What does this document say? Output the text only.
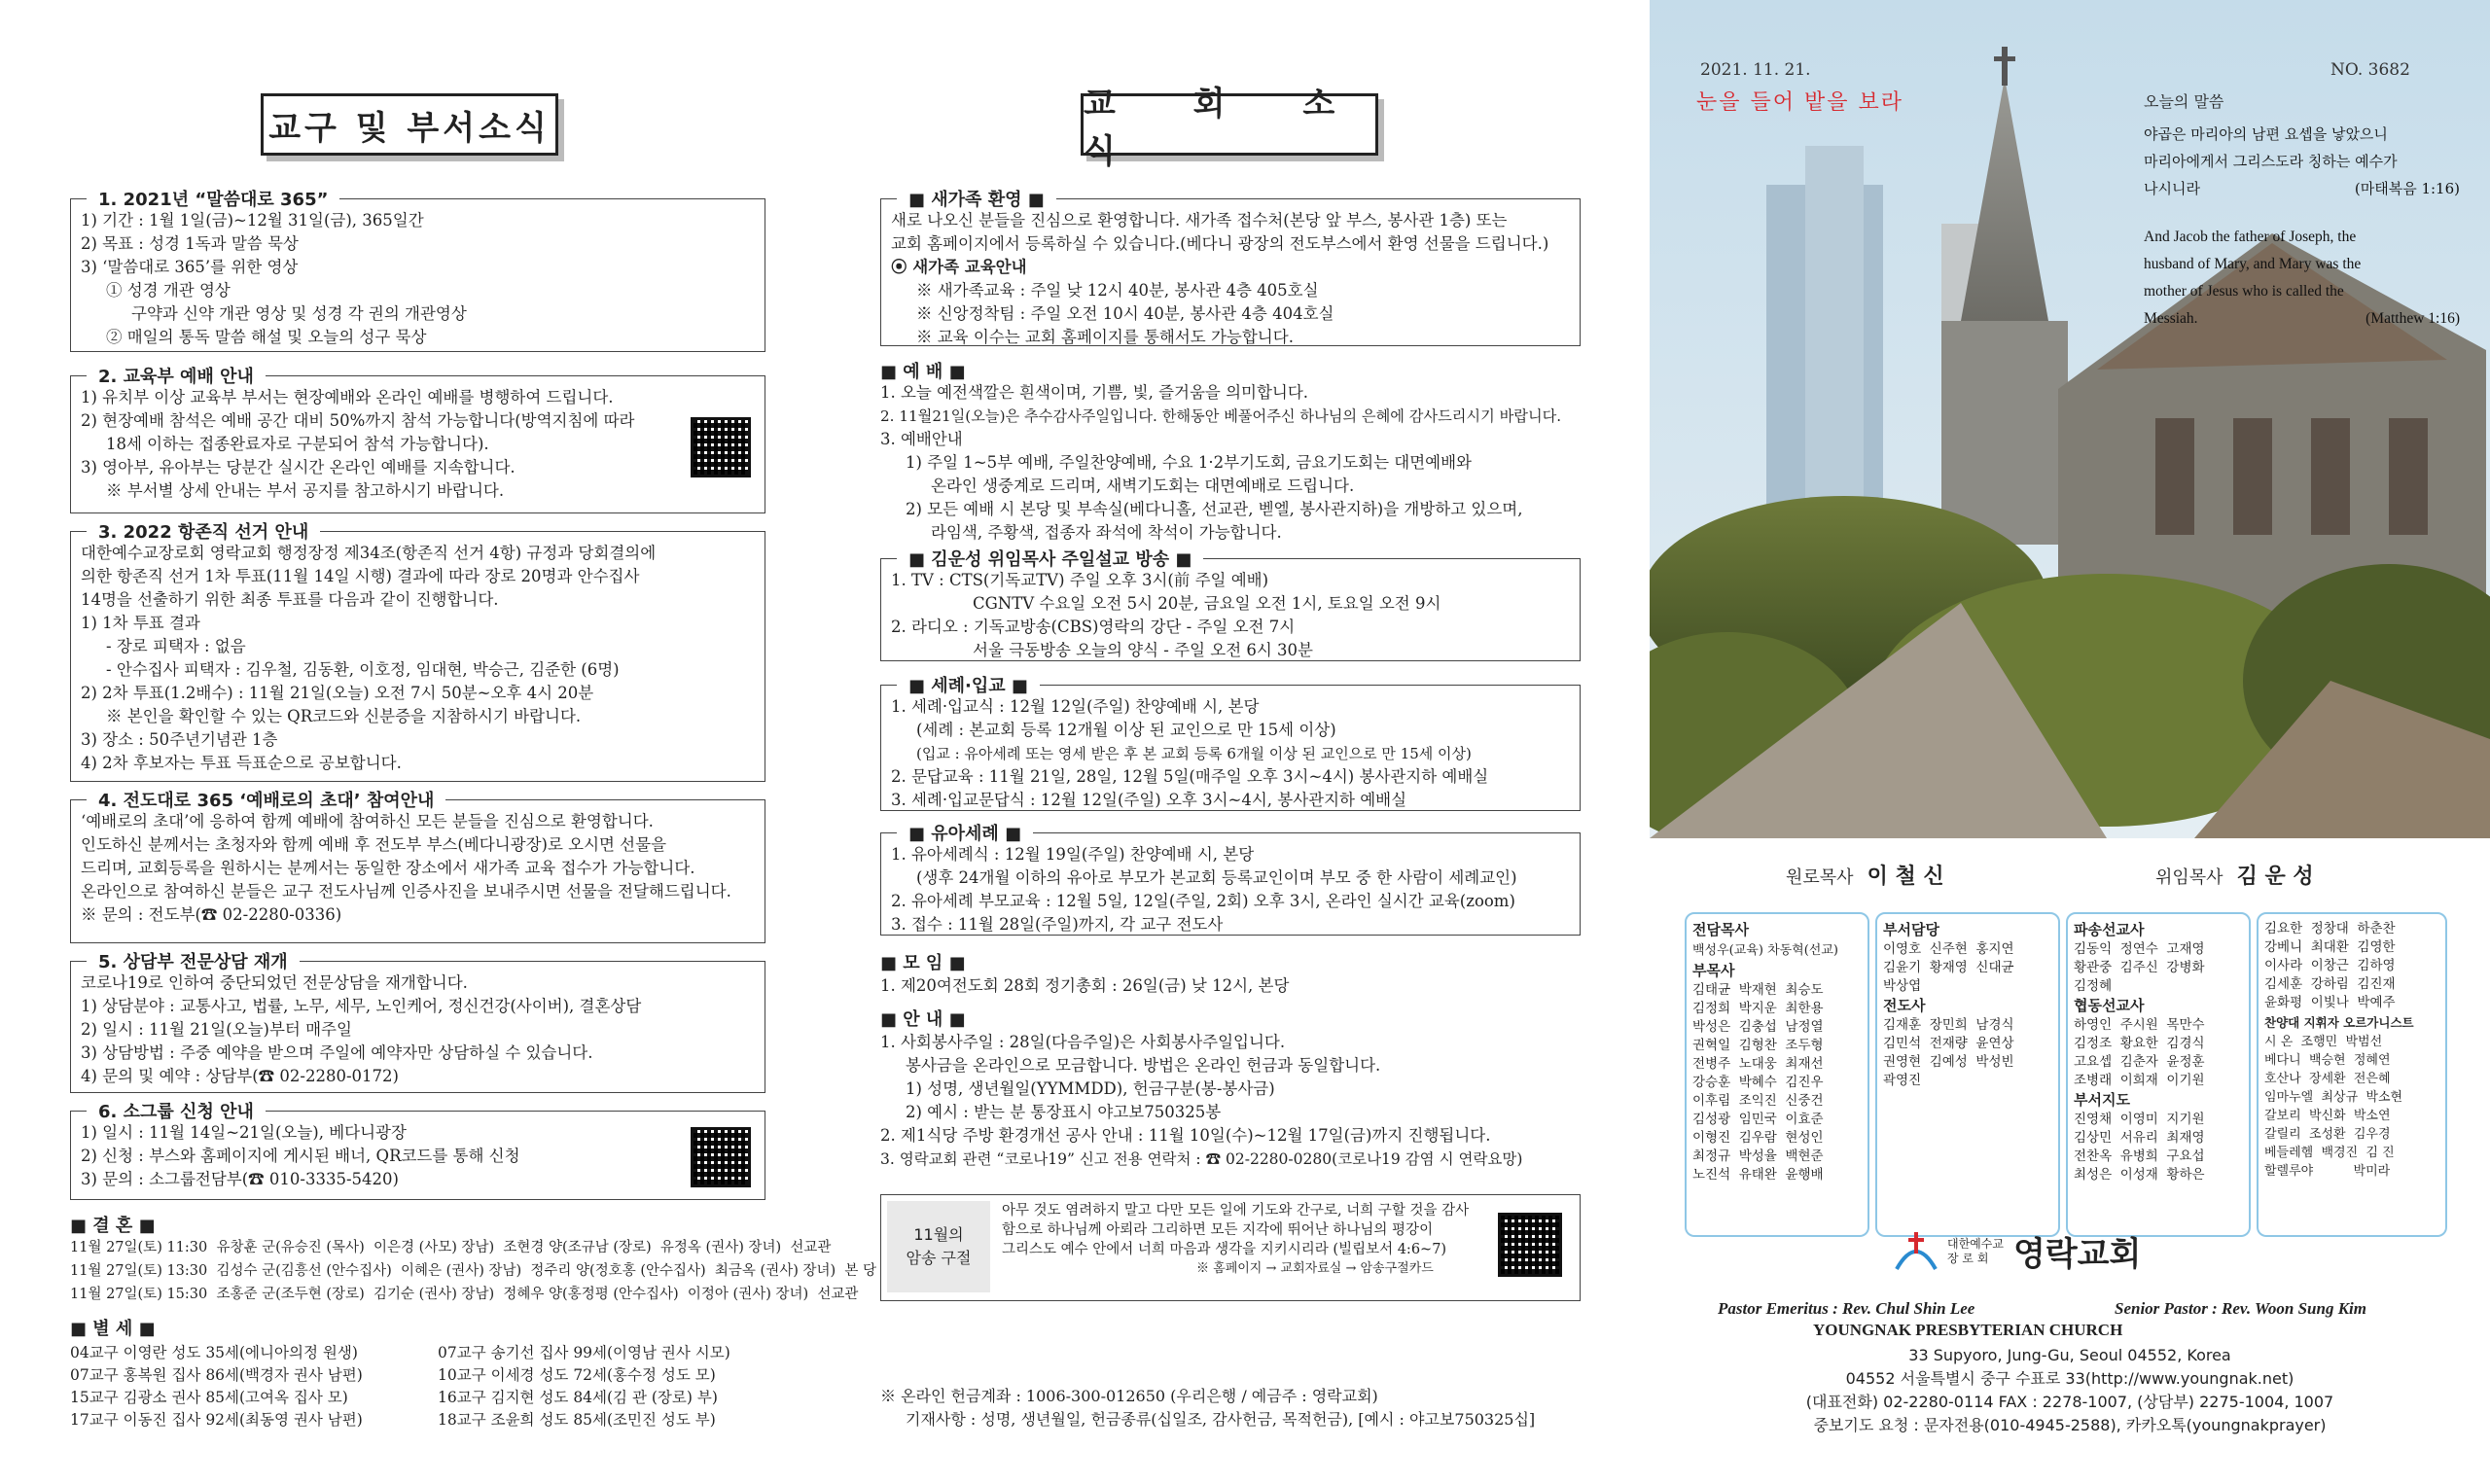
교구 및 부서소식
1. 2021년 “말씀대로 365”
1) 기간 : 1월 1일(금)~12월 31일(금), 365일간
2) 목표 : 성경 1독과 말씀 묵상
3) ‘말씀대로 365’를 위한 영상
① 성경 개관 영상
구약과 신약 개관 영상 및 성경 각 권의 개관영상
② 매일의 통독 말씀 해설 및 오늘의 성구 묵상
2. 교육부 예배 안내
1) 유치부 이상 교육부 부서는 현장예배와 온라인 예배를 병행하여 드립니다.
2) 현장예배 참석은 예배 공간 대비 50%까지 참석 가능합니다(방역지침에 따라
18세 이하는 접종완료자로 구분되어 참석 가능합니다).
3) 영아부, 유아부는 당분간 실시간 온라인 예배를 지속합니다.
※ 부서별 상세 안내는 부서 공지를 참고하시기 바랍니다.
3. 2022 항존직 선거 안내
대한예수교장로회 영락교회 행정장정 제34조(항존직 선거 4항) 규정과 당회결의에
의한 항존직 선거 1차 투표(11월 14일 시행) 결과에 따라 장로 20명과 안수집사
14명을 선출하기 위한 최종 투표를 다음과 같이 진행합니다.
1) 1차 투표 결과
- 장로 피택자 : 없음
- 안수집사 피택자 : 김우철, 김동환, 이호정, 임대현, 박승근, 김준한 (6명)
2) 2차 투표(1.2배수) : 11월 21일(오늘) 오전 7시 50분~오후 4시 20분
※ 본인을 확인할 수 있는 QR코드와 신분증을 지참하시기 바랍니다.
3) 장소 : 50주년기념관 1층
4) 2차 후보자는 투표 득표순으로 공보합니다.
4. 전도대로 365 ‘예배로의 초대’ 참여안내
‘예배로의 초대’에 응하여 함께 예배에 참여하신 모든 분들을 진심으로 환영합니다.
인도하신 분께서는 초청자와 함께 예배 후 전도부 부스(베다니광장)로 오시면 선물을
드리며, 교회등록을 원하시는 분께서는 동일한 장소에서 새가족 교육 접수가 가능합니다.
온라인으로 참여하신 분들은 교구 전도사님께 인증사진을 보내주시면 선물을 전달해드립니다.
※ 문의 : 전도부(☎ 02-2280-0336)
5. 상담부 전문상담 재개
코로나19로 인하여 중단되었던 전문상담을 재개합니다.
1) 상담분야 : 교통사고, 법률, 노무, 세무, 노인케어, 정신건강(사이버), 결혼상담
2) 일시 : 11월 21일(오늘)부터 매주일
3) 상담방법 : 주중 예약을 받으며 주일에 예약자만 상담하실 수 있습니다.
4) 문의 및 예약 : 상담부(☎ 02-2280-0172)
6. 소그룹 신청 안내
1) 일시 : 11월 14일~21일(오늘), 베다니광장
2) 신청 : 부스와 홈페이지에 게시된 배너, QR코드를 통해 신청
3) 문의 : 소그룹전담부(☎ 010-3335-5420)
■ 결 혼 ■
11월 27일(토) 11:30 유창훈 군(유승진 (목사) 이은경 (사모) 장남) 조현경 양(조규남 (장로) 유정옥 (권사) 장녀) 선교관
11월 27일(토) 13:30 김성수 군(김흥선 (안수집사) 이혜은 (권사) 장남) 정주리 양(정호홍 (안수집사) 최금옥 (권사) 장녀) 본 당
11월 27일(토) 15:30 조홍준 군(조두현 (장로) 김기순 (권사) 장남) 정혜우 양(홍정평 (안수집사) 이정아 (권사) 장녀) 선교관
■ 별 세 ■
04교구 이영란 성도 35세(에니아의정 원생)	07교구 송기선 집사 99세(이영남 권사 시모)
07교구 홍복원 집사 86세(백경자 권사 남편)	10교구 이세경 성도 72세(홍수정 성도 모)
15교구 김광소 권사 85세(고여옥 집사 모)	16교구 김지현 성도 84세(김 관 (장로) 부)
17교구 이동진 집사 92세(최동영 권사 남편)	18교구 조윤희 성도 85세(조민진 성도 부)
교 회 소 식
■ 새가족 환영 ■
새로 나오신 분들을 진심으로 환영합니다. 새가족 접수처(본당 앞 부스, 봉사관 1층) 또는
교회 홈페이지에서 등록하실 수 있습니다.(베다니 광장의 전도부스에서 환영 선물을 드립니다.)
⦿ 새가족 교육안내
※ 새가족교육 : 주일 낮 12시 40분, 봉사관 4층 405호실
※ 신앙정착팀 : 주일 오전 10시 40분, 봉사관 4층 404호실
※ 교육 이수는 교회 홈페이지를 통해서도 가능합니다.
■ 예 배 ■
1. 오늘 예전색깔은 흰색이며, 기쁨, 빛, 즐거움을 의미합니다.
2. 11월21일(오늘)은 추수감사주일입니다. 한해동안 베풀어주신 하나님의 은혜에 감사드리시기 바랍니다.
3. 예배안내
1) 주일 1~5부 예배, 주일찬양예배, 수요 1·2부기도회, 금요기도회는 대면예배와
온라인 생중계로 드리며, 새벽기도회는 대면예배로 드립니다.
2) 모든 예배 시 본당 및 부속실(베다니홀, 선교관, 벧엘, 봉사관지하)을 개방하고 있으며,
라임색, 주황색, 접종자 좌석에 착석이 가능합니다.
■ 김운성 위임목사 주일설교 방송 ■
1. TV : CTS(기독교TV) 주일 오후 3시(前 주일 예배)
CGNTV 수요일 오전 5시 20분, 금요일 오전 1시, 토요일 오전 9시
2. 라디오 : 기독교방송(CBS)영락의 강단 - 주일 오전 7시
서울 극동방송 오늘의 양식 - 주일 오전 6시 30분
■ 세례·입교 ■
1. 세례·입교식 : 12월 12일(주일) 찬양예배 시, 본당
(세례 : 본교회 등록 12개월 이상 된 교인으로 만 15세 이상)
(입교 : 유아세례 또는 영세 받은 후 본 교회 등록 6개월 이상 된 교인으로 만 15세 이상)
2. 문답교육 : 11월 21일, 28일, 12월 5일(매주일 오후 3시~4시) 봉사관지하 예배실
3. 세례·입교문답식 : 12월 12일(주일) 오후 3시~4시, 봉사관지하 예배실
■ 유아세례 ■
1. 유아세례식 : 12월 19일(주일) 찬양예배 시, 본당
(생후 24개월 이하의 유아로 부모가 본교회 등록교인이며 부모 중 한 사람이 세례교인)
2. 유아세례 부모교육 : 12월 5일, 12일(주일, 2회) 오후 3시, 온라인 실시간 교육(zoom)
3. 접수 : 11월 28일(주일)까지, 각 교구 전도사
■ 모 임 ■
1. 제20여전도회 28회 정기총회 : 26일(금) 낮 12시, 본당
■ 안 내 ■
1. 사회봉사주일 : 28일(다음주일)은 사회봉사주일입니다.
봉사금을 온라인으로 모금합니다. 방법은 온라인 헌금과 동일합니다.
1) 성명, 생년월일(YYMMDD), 헌금구분(봉-봉사금)
2) 예시 : 받는 분 통장표시 야고보750325봉
2. 제1식당 주방 환경개선 공사 안내 : 11월 10일(수)~12월 17일(금)까지 진행됩니다.
3. 영락교회 관련 “코로나19” 신고 전용 연락처 : ☎ 02-2280-0280(코로나19 감염 시 연락요망)
11월의
암송 구절
아무 것도 염려하지 말고 다만 모든 일에 기도와 간구로, 너희 구할 것을 감사
함으로 하나님께 아뢰라 그리하면 모든 지각에 뛰어난 하나님의 평강이
그리스도 예수 안에서 너희 마음과 생각을 지키시리라 (빌립보서 4:6~7)
※ 홈페이지 → 교회자료실 → 암송구절카드
※ 온라인 헌금계좌 : 1006-300-012650 (우리은행 / 예금주 : 영락교회)
기재사항 : 성명, 생년월일, 헌금종류(십일조, 감사헌금, 목적헌금), [예시 : 야고보750325십]
2021. 11. 21.	NO. 3682
눈을 들어 밭을 보라	오늘의 말씀
야곱은 마리아의 남편 요셉을 낳았으니
마리아에게서 그리스도라 칭하는 예수가
나시니라	(마태복음 1:16)
And Jacob the father of Joseph, the
husband of Mary, and Mary was the
mother of Jesus who is called the
Messiah.	(Matthew 1:16)
원로목사 이 철 신	위임목사 김 운 성
전담목사
백성우(교육) 차동혁(선교)
부목사
김태균  박재현  최승도
김정희  박지운  최한용
박성은  김충섭  남정열
권혁일  김형찬  조두형
전병주  노대웅  최재선
강승훈  박혜수  김진우
이후림  조익진  신중건
김성광  임민국  이효준
이형진  김우람  현성인
최정규  박성율  백현준
노진석  유태완  윤행배
부서담당
이영호  신주현  홍지연
김윤기  황재영  신대균
박상엽
전도사
김재훈  장민희  남경식
김민석  전재량  윤연상
권영현  김예성  박성빈
곽영진
파송선교사
김동익  정연수  고재영
황관중  김주신  강병화
김정혜
협동선교사
하영인  주시원  목만수
김정조  황요한  김경식
고요셉  김춘자  윤정훈
조병래  이희재  이기원
부서지도
진영채  이영미  지기원
김상민  서유리  최재영
전찬옥  유병희  구요섭
최성은  이성재  황하은
김요한  정창대  하춘찬
강베니  최대환  김영한
이사라  이창근  김하영
김세훈  강하림  김진재
윤화평  이빛나  박예주
찬양대 지휘자 오르가니스트
시 온  조행민  박범선
베다니  백승현  정혜연
호산나  장세환  전은혜
임마누엘  최상규  박소현
갈보리  박신화  박소연
갈릴리  조성환  김우경
베들레헴  백경진  김 진
할렐루야          박미라
대한예수교
장 로 회 영락교회
Pastor Emeritus : Rev. Chul Shin Lee	Senior Pastor : Rev. Woon Sung Kim
YOUNGNAK PRESBYTERIAN CHURCH
33 Supyoro, Jung-Gu, Seoul 04552, Korea
04552 서울특별시 중구 수표로 33(http://www.youngnak.net)
(대표전화) 02-2280-0114 FAX : 2278-1007, (상담부) 2275-1004, 1007
중보기도 요청 : 문자전용(010-4945-2588), 카카오톡(youngnakprayer)
